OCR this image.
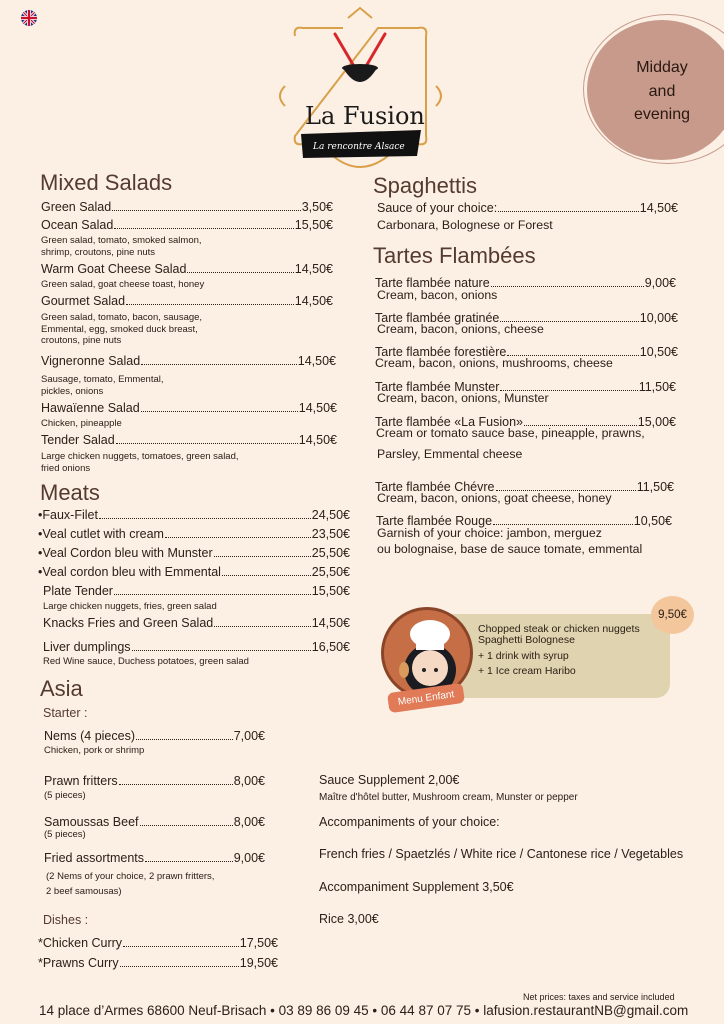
Midday
and
evening
La Fusion
La rencontre Alsace
Mixed Salads
Green Salad	3,50€
Ocean Salad	15,50€
Green salad, tomato, smoked salmon,
shrimp, croutons, pine nuts
Warm Goat Cheese Salad	14,50€
Green salad, goat cheese toast, honey
Gourmet Salad	14,50€
Green salad, tomato, bacon, sausage,
Emmental, egg, smoked duck breast,
croutons, pine nuts
Vigneronne Salad	14,50€
Sausage, tomato, Emmental,
pickles, onions
Hawaïenne Salad	14,50€
Chicken, pineapple
Tender Salad	14,50€
Large chicken nuggets, tomatoes, green salad,
fried onions
Meats
•Faux-Filet	24,50€
•Veal cutlet with cream	23,50€
•Veal Cordon bleu with Munster	25,50€
•Veal cordon bleu with Emmental	25,50€
Plate Tender	15,50€
Large chicken nuggets, fries, green salad
Knacks Fries and Green Salad	14,50€
Liver dumplings	16,50€
Red Wine sauce, Duchess potatoes, green salad
Asia
Starter :
Nems (4 pieces)	7,00€
Chicken, pork or shrimp
Prawn fritters	8,00€
(5 pieces)
Samoussas Beef	8,00€
(5 pieces)
Fried assortments	9,00€
(2 Nems of your choice, 2 prawn fritters,
2 beef samousas)
Dishes :
*Chicken Curry	17,50€
*Prawns Curry	19,50€
Spaghettis
Sauce of your choice:	14,50€
Carbonara, Bolognese or Forest
Tartes Flambées
Tarte flambée nature	9,00€
Cream, bacon, onions
Tarte flambée gratinée	10,00€
Cream, bacon, onions, cheese
Tarte flambée forestière	10,50€
Cream, bacon, onions, mushrooms, cheese
Tarte flambée Munster	11,50€
Cream, bacon, onions, Munster
Tarte flambée «La Fusion»	15,00€
Cream or tomato sauce base, pineapple, prawns,
Parsley, Emmental cheese
Tarte flambée Chévre	11,50€
Cream, bacon, onions, goat cheese, honey
Tarte flambée Rouge	10,50€
Garnish of your choice: jambon, merguez
ou bolognaise, base de sauce tomate, emmental
Menu Enfant
9,50€
Chopped steak or chicken nuggets
Spaghetti Bolognese
+ 1 drink with syrup
+ 1 Ice cream Haribo
Sauce Supplement 2,00€
Maître d'hôtel butter, Mushroom cream, Munster or pepper
Accompaniments of your choice:
French fries / Spaetzlés / White rice / Cantonese rice / Vegetables
Accompaniment Supplement 3,50€
Rice 3,00€
Net prices: taxes and service included
14 place d’Armes 68600 Neuf-Brisach • 03 89 86 09 45 • 06 44 87 07 75 • lafusion.restaurantNB@gmail.com
